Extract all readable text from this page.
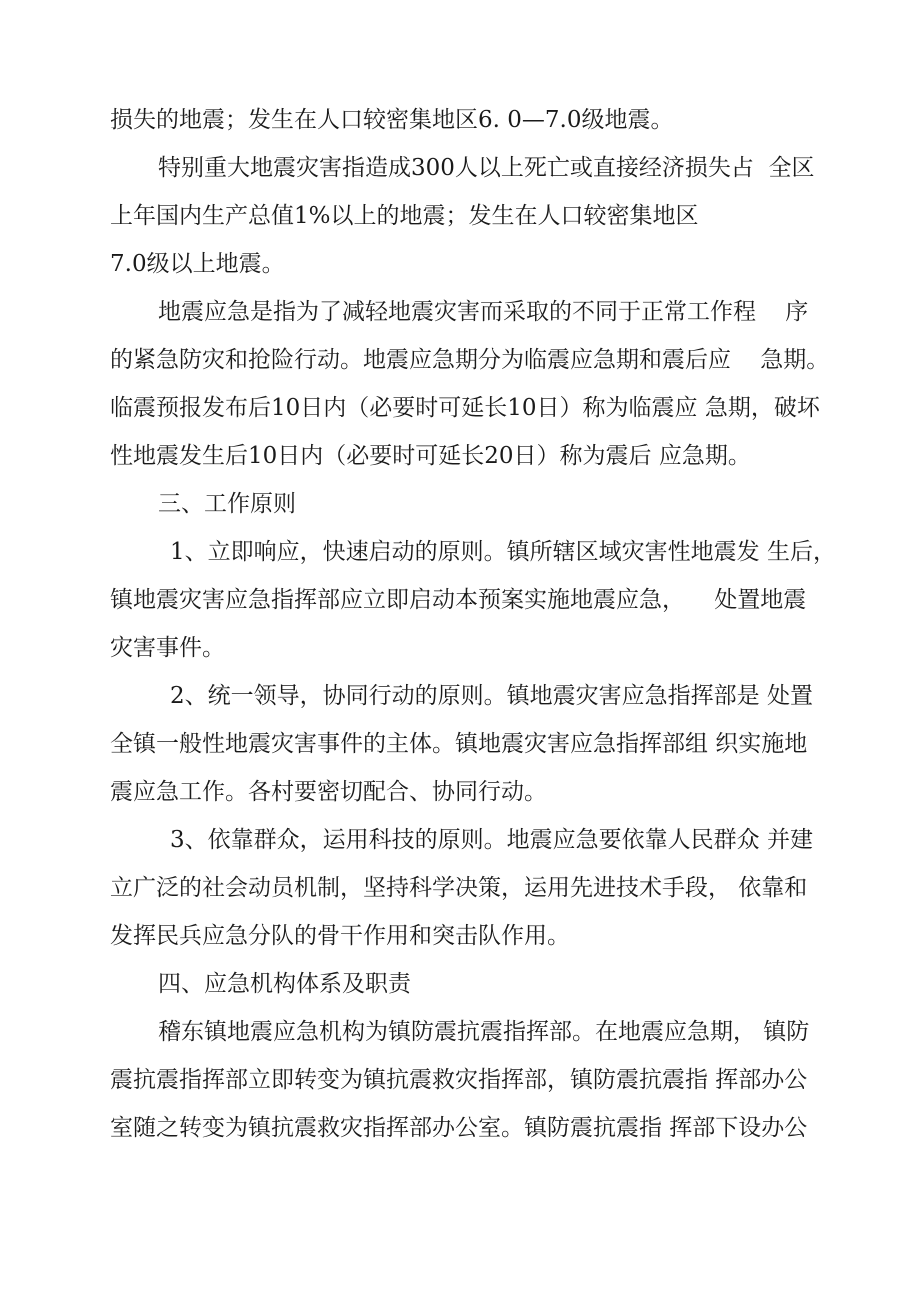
损失的地震；发生在人口较密集地区6. 0—7.0级地震。
特别重大地震灾害指造成300人以上死亡或直接经济损失占  全区
上年国内生产总值1%以上的地震；发生在人口较密集地区
7.0级以上地震。
地震应急是指为了减轻地震灾害而采取的不同于正常工作程    序
的紧急防灾和抢险行动。地震应急期分为临震应急期和震后应    急期。
临震预报发布后10日内（必要时可延长10日）称为临震应 急期，破坏
性地震发生后10日内（必要时可延长20日）称为震后 应急期。
三、工作原则
1、立即响应，快速启动的原则。镇所辖区域灾害性地震发 生后，
镇地震灾害应急指挥部应立即启动本预案实施地震应急，    处置地震
灾害事件。
2、统一领导，协同行动的原则。镇地震灾害应急指挥部是 处置
全镇一般性地震灾害事件的主体。镇地震灾害应急指挥部组 织实施地
震应急工作。各村要密切配合、协同行动。
3、依靠群众，运用科技的原则。地震应急要依靠人民群众 并建
立广泛的社会动员机制，坚持科学决策，运用先进技术手段， 依靠和
发挥民兵应急分队的骨干作用和突击队作用。
四、应急机构体系及职责
稽东镇地震应急机构为镇防震抗震指挥部。在地震应急期， 镇防
震抗震指挥部立即转变为镇抗震救灾指挥部，镇防震抗震指 挥部办公
室随之转变为镇抗震救灾指挥部办公室。镇防震抗震指 挥部下设办公
